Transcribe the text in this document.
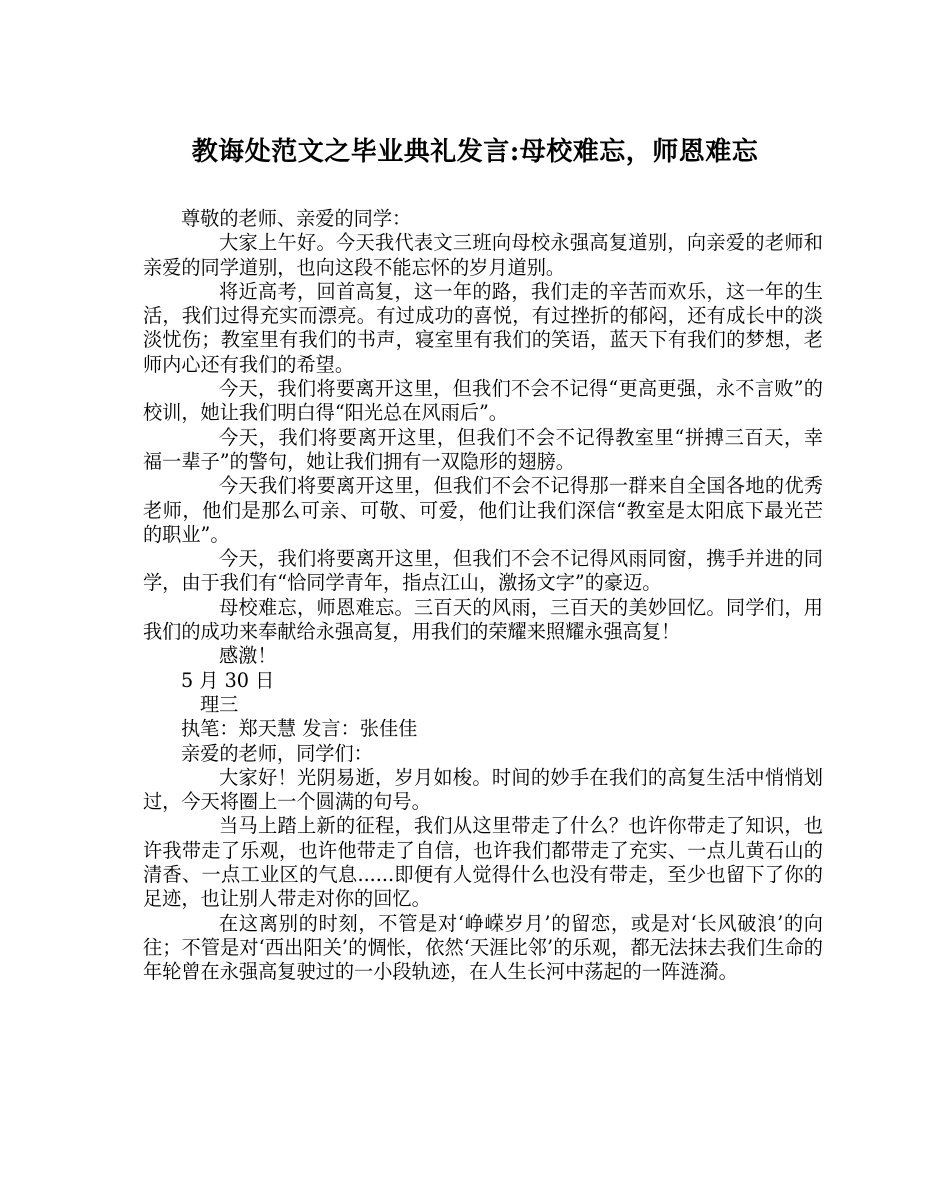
教诲处范文之毕业典礼发言:母校难忘，师恩难忘

尊敬的老师、亲爱的同学：

大家上午好。今天我代表文三班向母校永强高复道别，向亲爱的老师和亲爱的同学道别，也向这段不能忘怀的岁月道别。

将近高考，回首高复，这一年的路，我们走的辛苦而欢乐，这一年的生活，我们过得充实而漂亮。有过成功的喜悦，有过挫折的郁闷，还有成长中的淡淡忧伤；教室里有我们的书声，寝室里有我们的笑语，蓝天下有我们的梦想，老师内心还有我们的希望。

今天，我们将要离开这里，但我们不会不记得“更高更强，永不言败”的校训，她让我们明白得“阳光总在风雨后”。

今天，我们将要离开这里，但我们不会不记得教室里“拼搏三百天，幸福一辈子”的警句，她让我们拥有一双隐形的翅膀。

今天我们将要离开这里，但我们不会不记得那一群来自全国各地的优秀老师，他们是那么可亲、可敬、可爱，他们让我们深信“教室是太阳底下最光芒的职业”。

今天，我们将要离开这里，但我们不会不记得风雨同窗，携手并进的同学，由于我们有“恰同学青年，指点江山，激扬文字”的豪迈。

母校难忘，师恩难忘。三百天的风雨，三百天的美妙回忆。同学们，用我们的成功来奉献给永强高复，用我们的荣耀来照耀永强高复！

感激！

5 月 30 日

理三

执笔：郑天慧 发言：张佳佳

亲爱的老师，同学们：

大家好！光阴易逝，岁月如梭。时间的妙手在我们的高复生活中悄悄划过，今天将圈上一个圆满的句号。

当马上踏上新的征程，我们从这里带走了什么？也许你带走了知识，也许我带走了乐观，也许他带走了自信，也许我们都带走了充实、一点儿黄石山的清香、一点工业区的气息......即便有人觉得什么也没有带走，至少也留下了你的足迹，也让别人带走对你的回忆。

在这离别的时刻，不管是对‘峥嵘岁月’的留恋，或是对‘长风破浪’的向往；不管是对‘西出阳关’的惆怅，依然‘天涯比邻’的乐观，都无法抹去我们生命的年轮曾在永强高复驶过的一小段轨迹，在人生长河中荡起的一阵涟漪。
